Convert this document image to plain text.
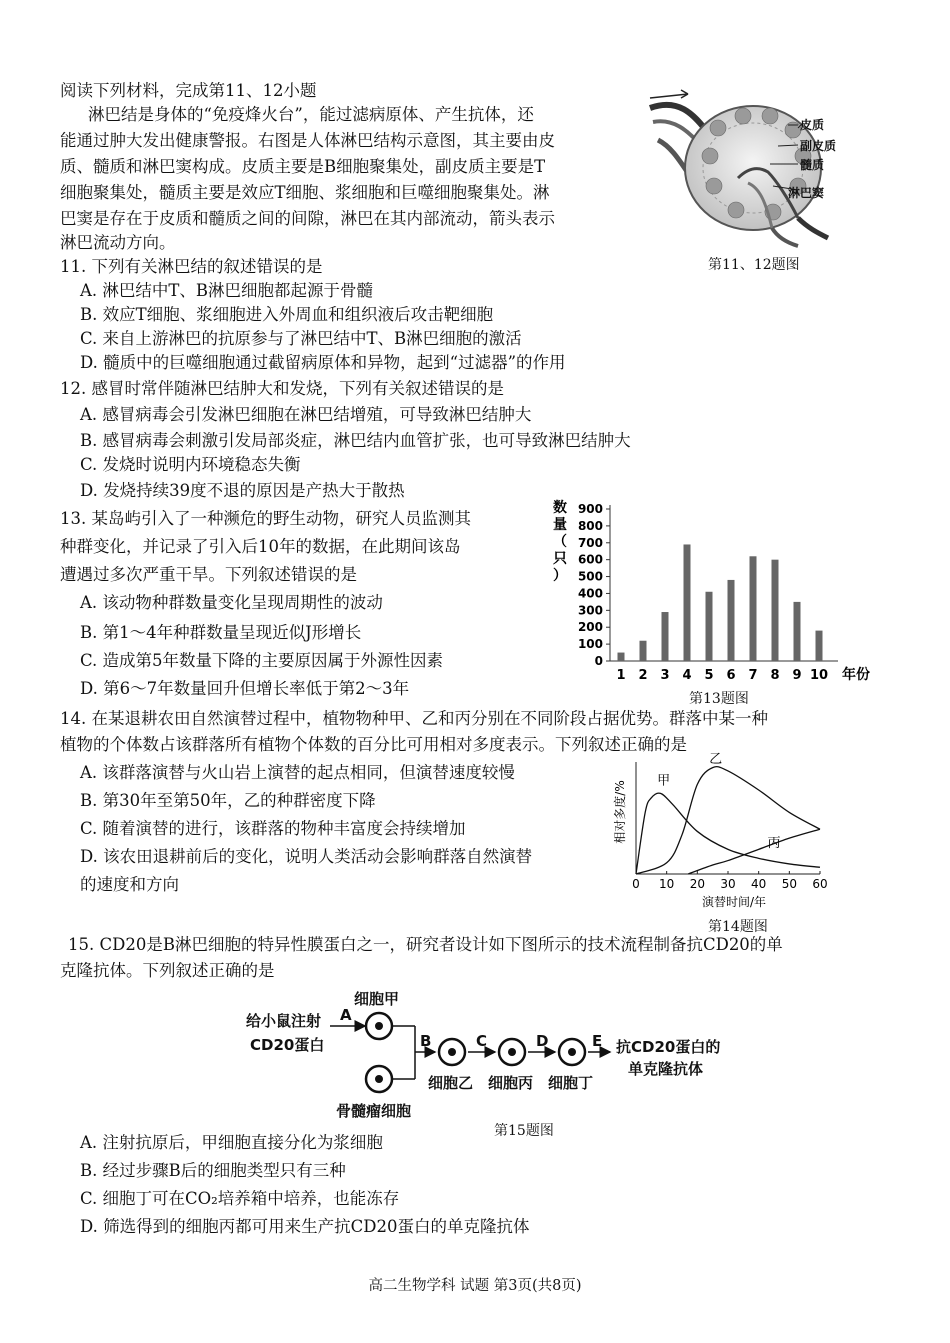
阅读下列材料，完成第11、12小题
淋巴结是身体的“免疫烽火台”，能过滤病原体、产生抗体，还
能通过肿大发出健康警报。右图是人体淋巴结构示意图，其主要由皮
质、髓质和淋巴窦构成。皮质主要是B细胞聚集处，副皮质主要是T
细胞聚集处，髓质主要是效应T细胞、浆细胞和巨噬细胞聚集处。淋
巴窦是存在于皮质和髓质之间的间隙，淋巴在其内部流动，箭头表示
淋巴流动方向。
皮质
副皮质
髓质
淋巴窦
第11、12题图
11. 下列有关淋巴结的叙述错误的是
A. 淋巴结中T、B淋巴细胞都起源于骨髓
B. 效应T细胞、浆细胞进入外周血和组织液后攻击靶细胞
C. 来自上游淋巴的抗原参与了淋巴结中T、B淋巴细胞的激活
D. 髓质中的巨噬细胞通过截留病原体和异物，起到“过滤器”的作用
12. 感冒时常伴随淋巴结肿大和发烧，下列有关叙述错误的是
A. 感冒病毒会引发淋巴细胞在淋巴结增殖，可导致淋巴结肿大
B. 感冒病毒会刺激引发局部炎症，淋巴结内血管扩张，也可导致淋巴结肿大
C. 发烧时说明内环境稳态失衡
D. 发烧持续39度不退的原因是产热大于散热
13. 某岛屿引入了一种濒危的野生动物，研究人员监测其
种群变化，并记录了引入后10年的数据，在此期间该岛
遭遇过多次严重干旱。下列叙述错误的是
A. 该动物种群数量变化呈现周期性的波动
B. 第1～4年种群数量呈现近似J形增长
C. 造成第5年数量下降的主要原因属于外源性因素
D. 第6～7年数量回升但增长率低于第2～3年
数
量
（
只
）
0
100
200
300
400
500
600
700
800
900
1 2 3 4 5 6 7 8 9 10 年份
第13题图
14. 在某退耕农田自然演替过程中，植物物种甲、乙和丙分别在不同阶段占据优势。群落中某一种
植物的个体数占该群落所有植物个体数的百分比可用相对多度表示。下列叙述正确的是
A. 该群落演替与火山岩上演替的起点相同，但演替速度较慢
B. 第30年至第50年，乙的种群密度下降
C. 随着演替的进行，该群落的物种丰富度会持续增加
D. 该农田退耕前后的变化，说明人类活动会影响群落自然演替
的速度和方向
相对多度/%
0 10 20 30 40 50 60
演替时间/年
甲
乙
丙
第14题图
15. CD20是B淋巴细胞的特异性膜蛋白之一，研究者设计如下图所示的技术流程制备抗CD20的单
克隆抗体。下列叙述正确的是
给小鼠注射
CD20蛋白
A
细胞甲
骨髓瘤细胞
B	C	D	E
细胞乙 细胞丙 细胞丁
抗CD20蛋白的
单克隆抗体
第15题图
A. 注射抗原后，甲细胞直接分化为浆细胞
B. 经过步骤B后的细胞类型只有三种
C. 细胞丁可在CO₂培养箱中培养，也能冻存
D. 筛选得到的细胞丙都可用来生产抗CD20蛋白的单克隆抗体
高二生物学科 试题 第3页(共8页)
